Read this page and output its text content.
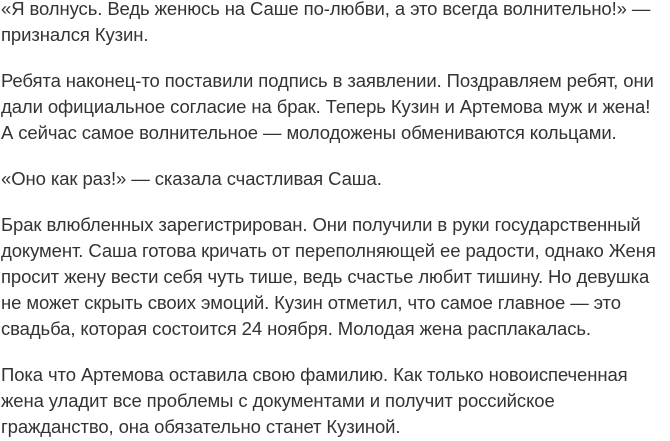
«Я волнусь. Ведь женюсь на Саше по-любви, а это всегда волнительно!» — признался Кузин.

Ребята наконец-то поставили подпись в заявлении. Поздравляем ребят, они дали официальное согласие на брак. Теперь Кузин и Артемова муж и жена! А сейчас самое волнительное — молодожены обмениваются кольцами.

«Оно как раз!» — сказала счастливая Саша.

Брак влюбленных зарегистрирован. Они получили в руки государственный документ. Саша готова кричать от переполняющей ее радости, однако Женя просит жену вести себя чуть тише, ведь счастье любит тишину. Но девушка не может скрыть своих эмоций. Кузин отметил, что самое главное — это свадьба, которая состоится 24 ноября. Молодая жена расплакалась.

Пока что Артемова оставила свою фамилию. Как только новоиспеченная жена уладит все проблемы с документами и получит российское гражданство, она обязательно станет Кузиной.
